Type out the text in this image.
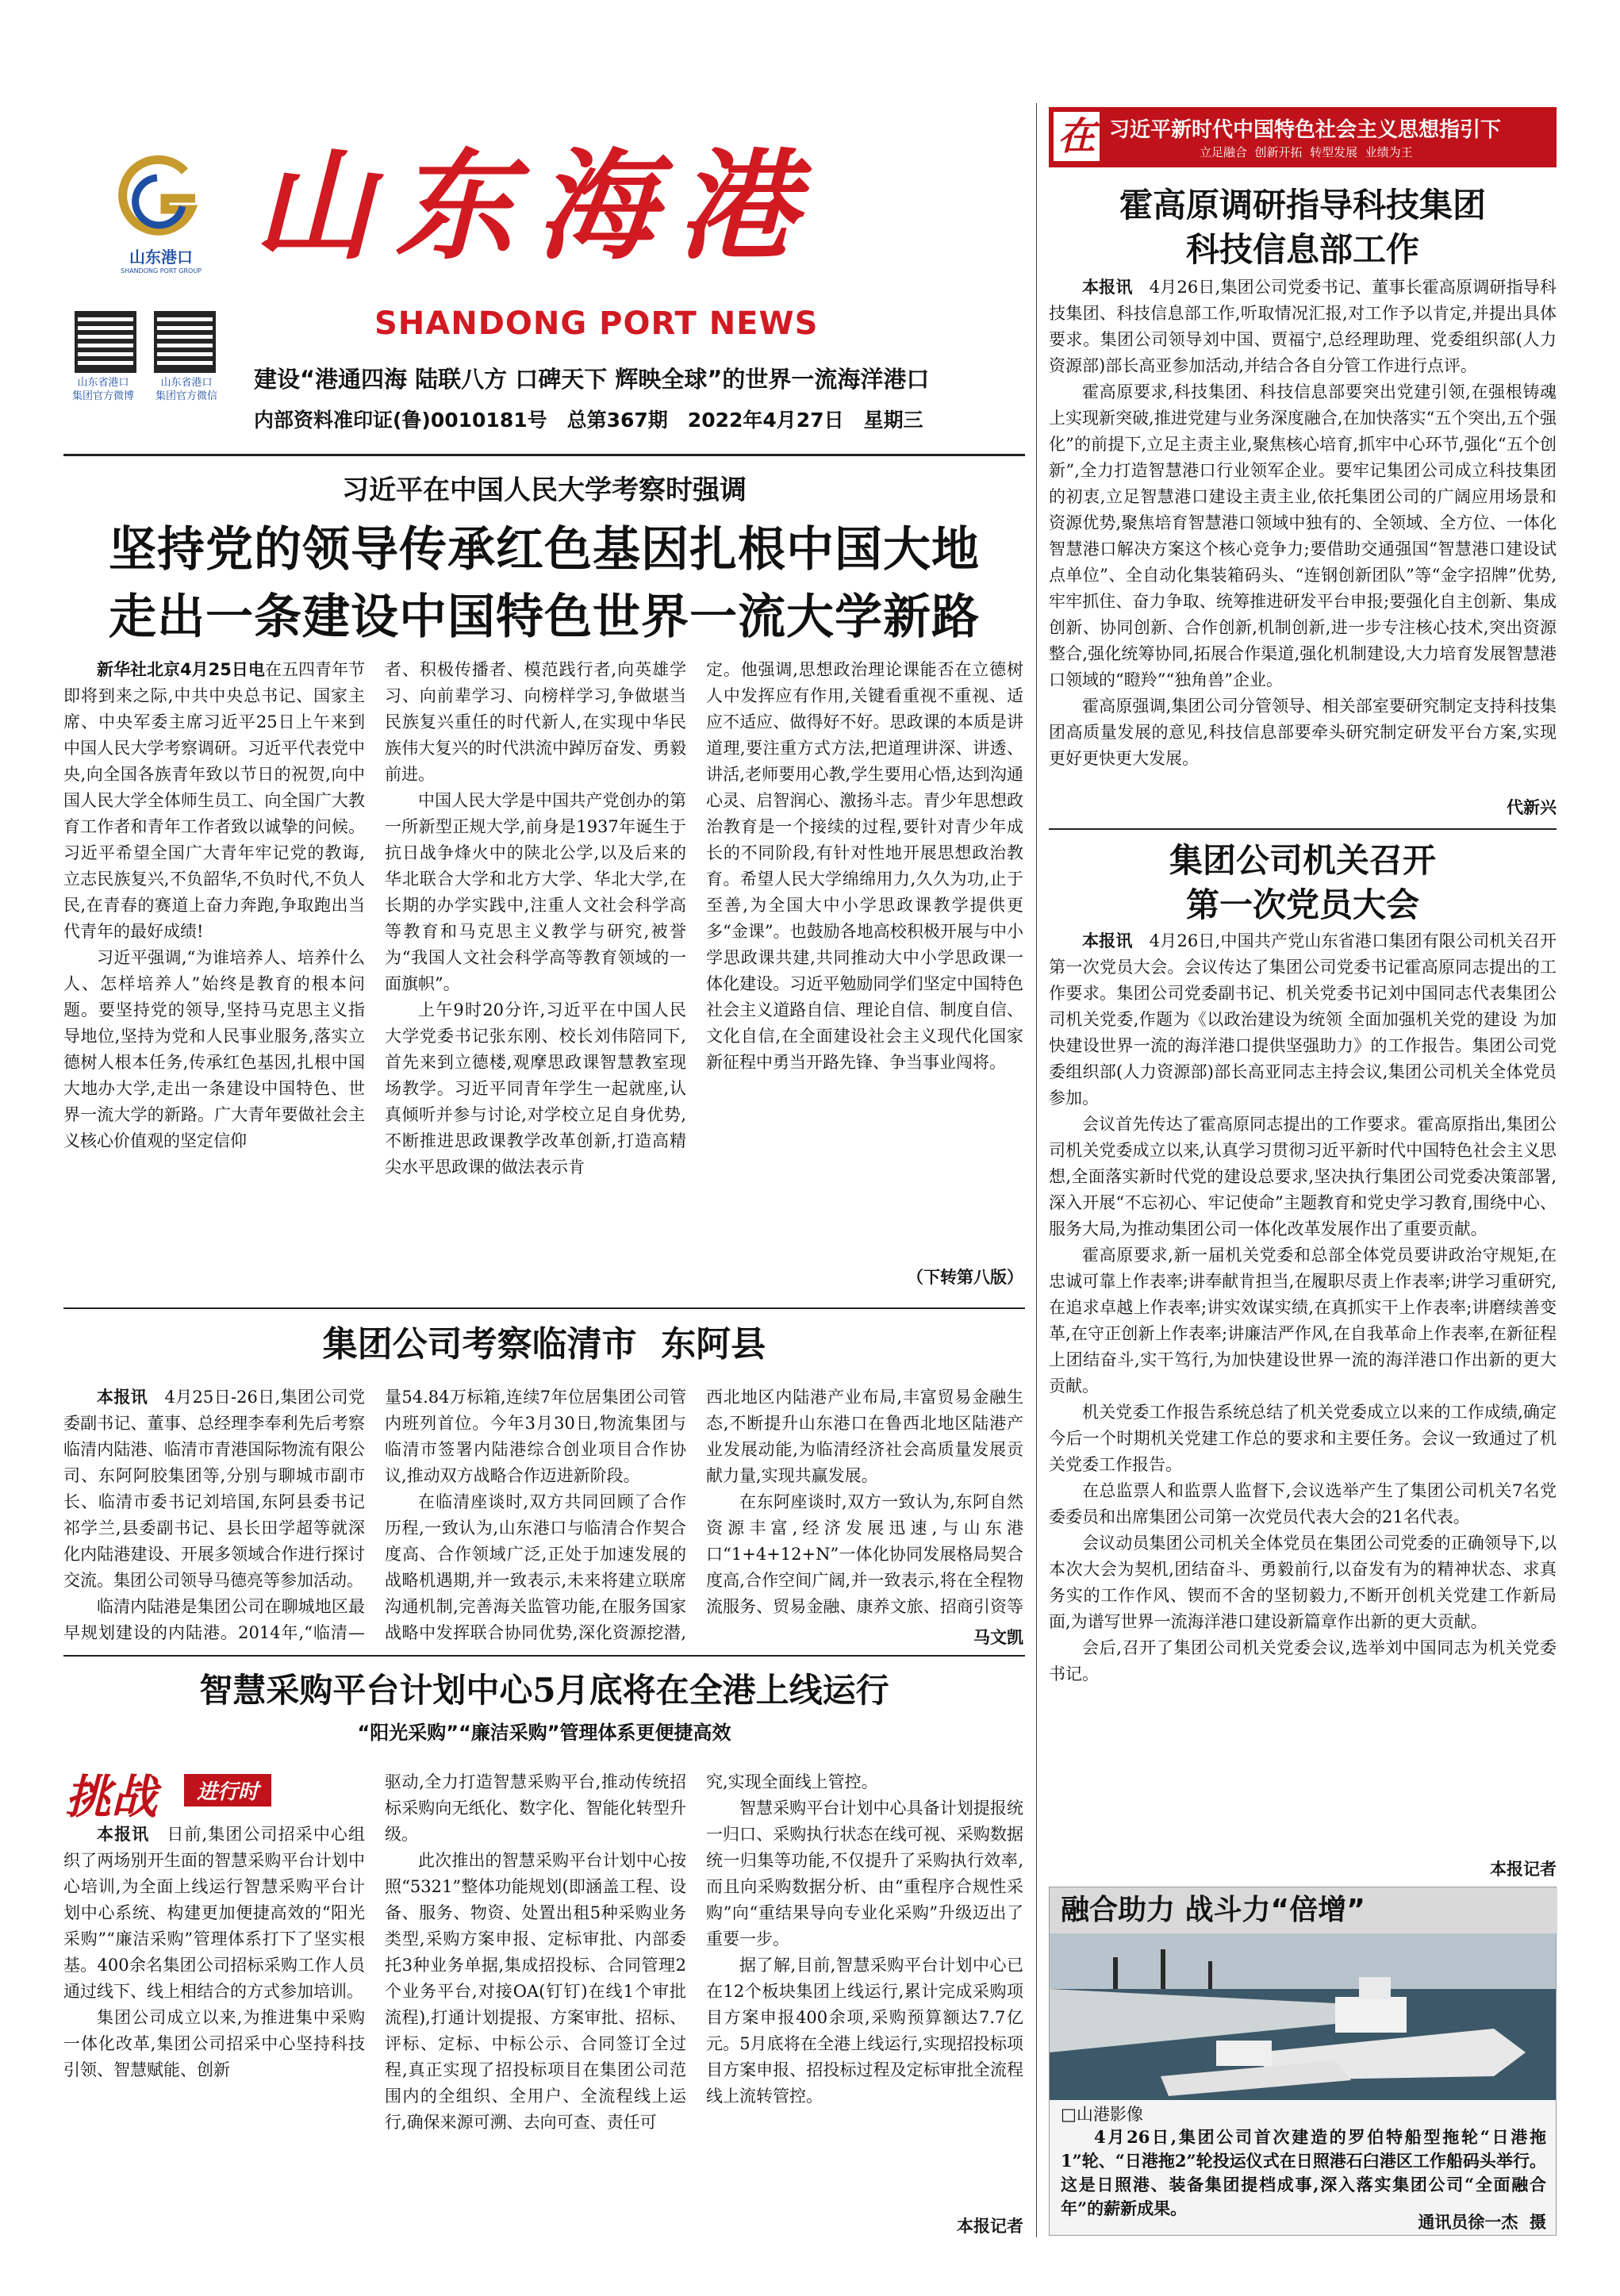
山东港口
SHANDONG PORT GROUP 山东海港
SHANDONG PORT NEWS
山东省港口
集团官方微博
山东省港口
集团官方微信
建设“港通四海 陆联八方 口碑天下 辉映全球”的世界一流海洋港口
内部资料准印证(鲁)0010181号　总第367期　2022年4月27日　星期三
在 习近平新时代中国特色社会主义思想指引下
立足融合  创新开拓  转型发展  业绩为王
习近平在中国人民大学考察时强调
坚持党的领导传承红色基因扎根中国大地
走出一条建设中国特色世界一流大学新路

新华社北京4月25日电在五四青年节即将到来之际,中共中央总书记、国家主席、中央军委主席习近平25日上午来到中国人民大学考察调研。习近平代表党中央,向全国各族青年致以节日的祝贺,向中国人民大学全体师生员工、向全国广大教育工作者和青年工作者致以诚挚的问候。习近平希望全国广大青年牢记党的教诲,立志民族复兴,不负韶华,不负时代,不负人民,在青春的赛道上奋力奔跑,争取跑出当代青年的最好成绩!

习近平强调,“为谁培养人、培养什么人、怎样培养人”始终是教育的根本问题。要坚持党的领导,坚持马克思主义指导地位,坚持为党和人民事业服务,落实立德树人根本任务,传承红色基因,扎根中国大地办大学,走出一条建设中国特色、世界一流大学的新路。广大青年要做社会主义核心价值观的坚定信仰

者、积极传播者、模范践行者,向英雄学习、向前辈学习、向榜样学习,争做堪当民族复兴重任的时代新人,在实现中华民族伟大复兴的时代洪流中踔厉奋发、勇毅前进。

中国人民大学是中国共产党创办的第一所新型正规大学,前身是1937年诞生于抗日战争烽火中的陕北公学,以及后来的华北联合大学和北方大学、华北大学,在长期的办学实践中,注重人文社会科学高等教育和马克思主义教学与研究,被誉为“我国人文社会科学高等教育领域的一面旗帜”。

上午9时20分许,习近平在中国人民大学党委书记张东刚、校长刘伟陪同下,首先来到立德楼,观摩思政课智慧教室现场教学。习近平同青年学生一起就座,认真倾听并参与讨论,对学校立足自身优势,不断推进思政课教学改革创新,打造高精尖水平思政课的做法表示肯

定。他强调,思想政治理论课能否在立德树人中发挥应有作用,关键看重视不重视、适应不适应、做得好不好。思政课的本质是讲道理,要注重方式方法,把道理讲深、讲透、讲活,老师要用心教,学生要用心悟,达到沟通心灵、启智润心、激扬斗志。青少年思想政治教育是一个接续的过程,要针对青少年成长的不同阶段,有针对性地开展思想政治教育。希望人民大学绵绵用力,久久为功,止于至善,为全国大中小学思政课教学提供更多“金课”。也鼓励各地高校积极开展与中小学思政课共建,共同推动大中小学思政课一体化建设。习近平勉励同学们坚定中国特色社会主义道路自信、理论自信、制度自信、文化自信,在全面建设社会主义现代化国家新征程中勇当开路先锋、争当事业闯将。

（下转第八版）
集团公司考察临清市  东阿县

本报讯　 4月25日-26日,集团公司党委副书记、董事、总经理李奉利先后考察临清内陆港、临清市青港国际物流有限公司、东阿阿胶集团等,分别与聊城市副市长、临清市委书记刘培国,东阿县委书记祁学兰,县委副书记、县长田学超等就深化内陆港建设、开展多领域合作进行探讨交流。集团公司领导马德亮等参加活动。

临清内陆港是集团公司在聊城地区最早规划建设的内陆港。2014年,“临清—

量54.84万标箱,连续7年位居集团公司管内班列首位。今年3月30日,物流集团与临清市签署内陆港综合创业项目合作协议,推动双方战略合作迈进新阶段。

在临清座谈时,双方共同回顾了合作历程,一致认为,山东港口与临清合作契合度高、合作领域广泛,正处于加速发展的战略机遇期,并一致表示,未来将建立联席沟通机制,完善海关监管功能,在服务国家战略中发挥联合协同优势,深化资源挖潜,

西北地区内陆港产业布局,丰富贸易金融生态,不断提升山东港口在鲁西北地区陆港产业发展动能,为临清经济社会高质量发展贡献力量,实现共赢发展。

在东阿座谈时,双方一致认为,东阿自然资源丰富,经济发展迅速,与山东港口“1+4+12+N”一体化协同发展格局契合度高,合作空间广阔,并一致表示,将在全程物流服务、贸易金融、康养文旅、招商引资等

马文凯
智慧采购平台计划中心5月底将在全港上线运行
“阳光采购”“廉洁采购”管理体系更便捷高效
挑战	进行时

本报讯　 日前,集团公司招采中心组织了两场别开生面的智慧采购平台计划中心培训,为全面上线运行智慧采购平台计划中心系统、构建更加便捷高效的“阳光采购”“廉洁采购”管理体系打下了坚实根基。400余名集团公司招标采购工作人员通过线下、线上相结合的方式参加培训。

集团公司成立以来,为推进集中采购一体化改革,集团公司招采中心坚持科技引领、智慧赋能、创新

驱动,全力打造智慧采购平台,推动传统招标采购向无纸化、数字化、智能化转型升级。

此次推出的智慧采购平台计划中心按照“5321”整体功能规划(即涵盖工程、设备、服务、物资、处置出租5种采购业务类型,采购方案申报、定标审批、内部委托3种业务单据,集成招投标、合同管理2个业务平台,对接OA(钉钉)在线1个审批流程),打通计划提报、方案审批、招标、评标、定标、中标公示、合同签订全过程,真正实现了招投标项目在集团公司范围内的全组织、全用户、全流程线上运行,确保来源可溯、去向可查、责任可

究,实现全面线上管控。

智慧采购平台计划中心具备计划提报统一归口、采购执行状态在线可视、采购数据统一归集等功能,不仅提升了采购执行效率,而且向采购数据分析、由“重程序合规性采购”向“重结果导向专业化采购”升级迈出了重要一步。

据了解,目前,智慧采购平台计划中心已在12个板块集团上线运行,累计完成采购项目方案申报400余项,采购预算额达7.7亿元。5月底将在全港上线运行,实现招投标项目方案申报、招投标过程及定标审批全流程线上流转管控。

本报记者
霍高原调研指导科技集团
科技信息部工作

本报讯　 4月26日,集团公司党委书记、董事长霍高原调研指导科技集团、科技信息部工作,听取情况汇报,对工作予以肯定,并提出具体要求。集团公司领导刘中国、贾福宁,总经理助理、党委组织部(人力资源部)部长高亚参加活动,并结合各自分管工作进行点评。

霍高原要求,科技集团、科技信息部要突出党建引领,在强根铸魂上实现新突破,推进党建与业务深度融合,在加快落实“五个突出,五个强化”的前提下,立足主责主业,聚焦核心培育,抓牢中心环节,强化“五个创新”,全力打造智慧港口行业领军企业。要牢记集团公司成立科技集团的初衷,立足智慧港口建设主责主业,依托集团公司的广阔应用场景和资源优势,聚焦培育智慧港口领域中独有的、全领域、全方位、一体化智慧港口解决方案这个核心竞争力;要借助交通强国“智慧港口建设试点单位”、全自动化集装箱码头、“连钢创新团队”等“金字招牌”优势,牢牢抓住、奋力争取、统筹推进研发平台申报;要强化自主创新、集成创新、协同创新、合作创新,机制创新,进一步专注核心技术,突出资源整合,强化统筹协同,拓展合作渠道,强化机制建设,大力培育发展智慧港口领域的“瞪羚”“独角兽”企业。

霍高原强调,集团公司分管领导、相关部室要研究制定支持科技集团高质量发展的意见,科技信息部要牵头研究制定研发平台方案,实现更好更快更大发展。

代新兴
集团公司机关召开
第一次党员大会

本报讯　 4月26日,中国共产党山东省港口集团有限公司机关召开第一次党员大会。会议传达了集团公司党委书记霍高原同志提出的工作要求。集团公司党委副书记、机关党委书记刘中国同志代表集团公司机关党委,作题为《以政治建设为统领 全面加强机关党的建设 为加快建设世界一流的海洋港口提供坚强助力》的工作报告。集团公司党委组织部(人力资源部)部长高亚同志主持会议,集团公司机关全体党员参加。

会议首先传达了霍高原同志提出的工作要求。霍高原指出,集团公司机关党委成立以来,认真学习贯彻习近平新时代中国特色社会主义思想,全面落实新时代党的建设总要求,坚决执行集团公司党委决策部署,深入开展“不忘初心、牢记使命”主题教育和党史学习教育,围绕中心、服务大局,为推动集团公司一体化改革发展作出了重要贡献。

霍高原要求,新一届机关党委和总部全体党员要讲政治守规矩,在忠诚可靠上作表率;讲奉献肯担当,在履职尽责上作表率;讲学习重研究,在追求卓越上作表率;讲实效谋实绩,在真抓实干上作表率;讲磨续善变革,在守正创新上作表率;讲廉洁严作风,在自我革命上作表率,在新征程上团结奋斗,实干笃行,为加快建设世界一流的海洋港口作出新的更大贡献。

机关党委工作报告系统总结了机关党委成立以来的工作成绩,确定今后一个时期机关党建工作总的要求和主要任务。会议一致通过了机关党委工作报告。

在总监票人和监票人监督下,会议选举产生了集团公司机关7名党委委员和出席集团公司第一次党员代表大会的21名代表。

会议动员集团公司机关全体党员在集团公司党委的正确领导下,以本次大会为契机,团结奋斗、勇毅前行,以奋发有为的精神状态、求真务实的工作作风、锲而不舍的坚韧毅力,不断开创机关党建工作新局面,为谱写世界一流海洋港口建设新篇章作出新的更大贡献。

会后,召开了集团公司机关党委会议,选举刘中国同志为机关党委书记。

本报记者
融合助力 战斗力“倍增”
□山港影像
4月26日,集团公司首次建造的罗伯特船型拖轮“日港拖1”轮、“日港拖2”轮投运仪式在日照港石臼港区工作船码头举行。这是日照港、装备集团提档成事,深入落实集团公司“全面融合年”的薪新成果。
通讯员徐一杰  摄
